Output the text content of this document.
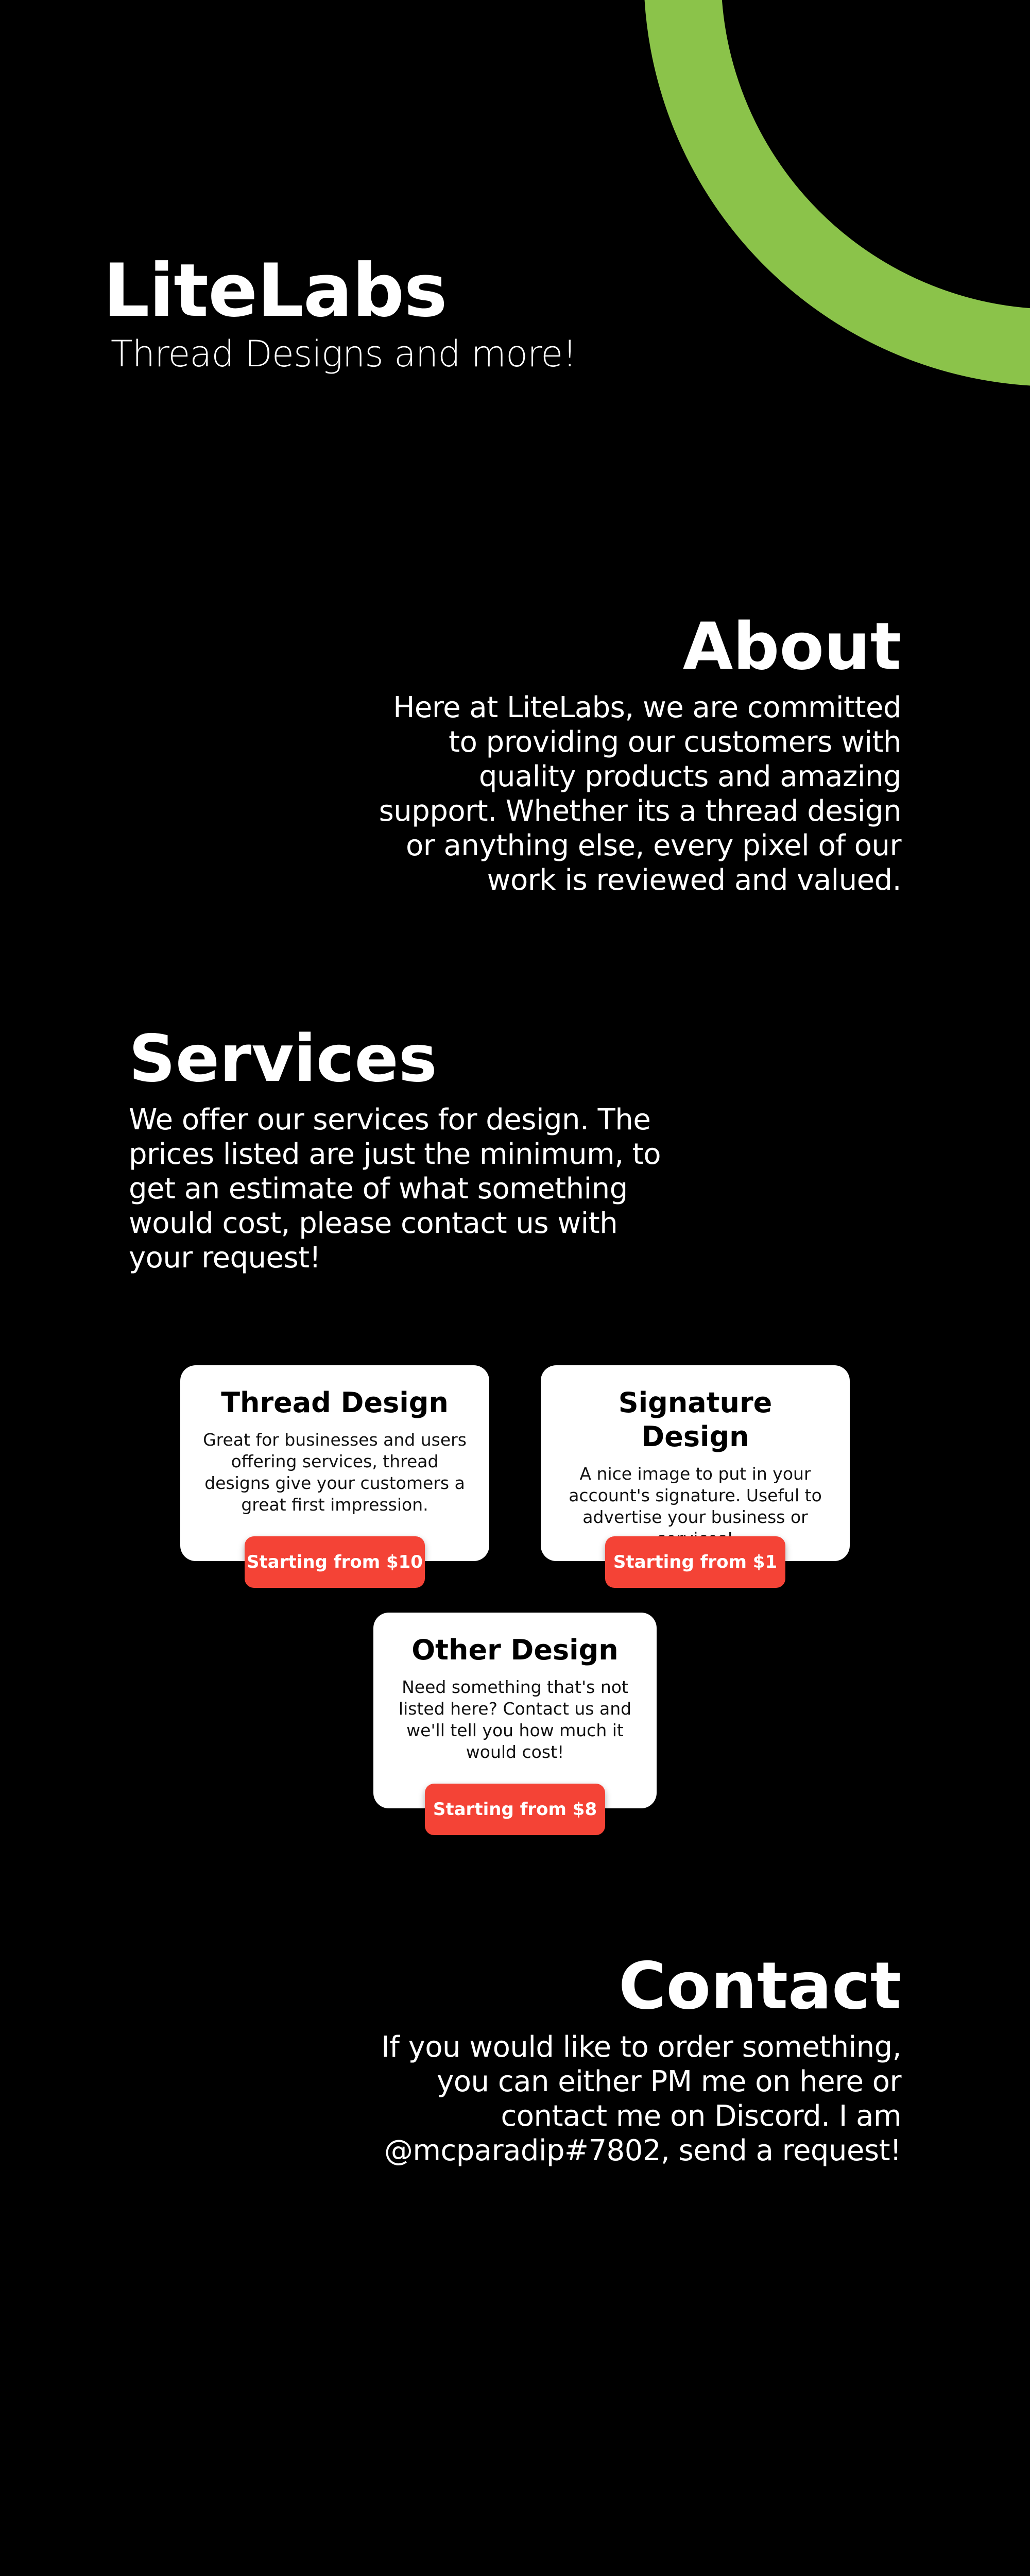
LiteLabs

Thread Designs and more!

About

Here at LiteLabs, we are committed to providing our customers with quality products and amazing support. Whether its a thread design or anything else, every pixel of our work is reviewed and valued.

Services

We offer our services for design. The prices listed are just the minimum, to get an estimate of what something would cost, please contact us with your request!

Thread Design

Great for businesses and users offering services, thread designs give your customers a great first impression.

Starting from $10
Signature Design

A nice image to put in your account's signature. Useful to advertise your business or

Starting from $1
Other Design

Need something that's not listed here? Contact us and we'll tell you how much it would cost!

Starting from $8
Contact

If you would like to order something, you can either PM me on here or contact me on Discord. I am @mcparadip#7802, send a request!
